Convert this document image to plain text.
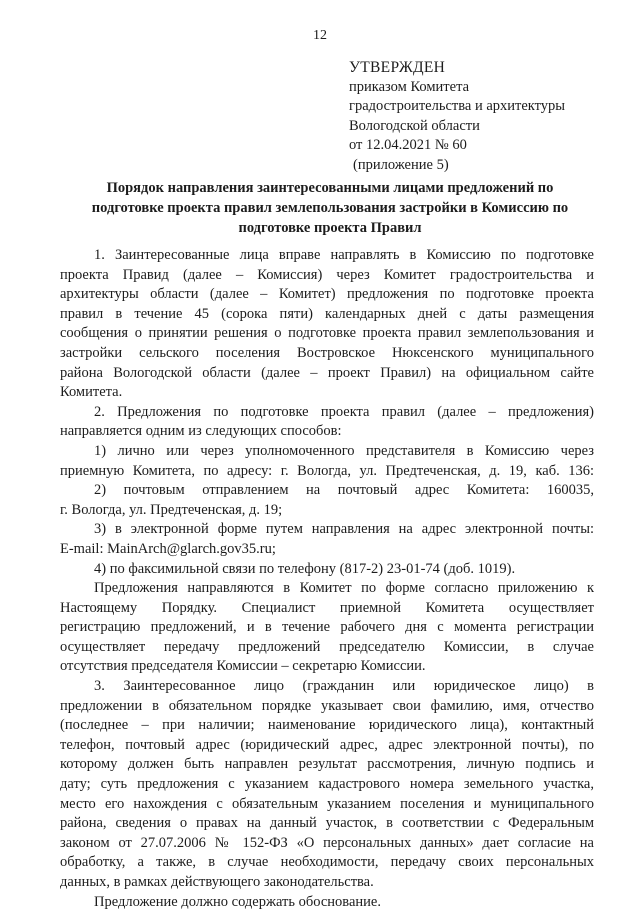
12
УТВЕРЖДЕН
приказом Комитета
градостроительства и архитектуры
Вологодской области
от 12.04.2021 № 60
(приложение 5)
Порядок направления заинтересованными лицами предложений по
подготовке проекта правил землепользования застройки в Комиссию по
подготовке проекта Правил
1. Заинтересованные лица вправе направлять в Комиссию по подготовке
проекта Правид (далее – Комиссия) через Комитет градостроительства и
архитектуры области (далее – Комитет) предложения по подготовке проекта
правил в течение 45 (сорока пяти) календарных дней с даты размещения
сообщения о принятии решения о подготовке проекта правил землепользования и
застройки сельского поселения Востровское Нюксенского муниципального
района Вологодской области (далее – проект Правил) на официальном сайте
Комитета.
2. Предложения по подготовке проекта правил (далее – предложения)
направляется одним из следующих способов:
1) лично или через уполномоченного представителя в Комиссию через
приемную Комитета, по адресу: г. Вологда, ул. Предтеченская, д. 19, каб. 136:
2) почтовым отправлением на почтовый адрес Комитета: 160035,
г. Вологда, ул. Предтеченская, д. 19;
3) в электронной форме путем направления на адрес электронной почты:
E-mail: MainArch@glarch.gov35.ru;
4) по факсимильной связи по телефону (817-2) 23-01-74 (доб. 1019).
Предложения направляются в Комитет по форме согласно приложению к
Настоящему Порядку. Специалист приемной Комитета осуществляет
регистрацию предложений, и в течение рабочего дня с момента регистрации
осуществляет передачу предложений председателю Комиссии, в случае
отсутствия председателя Комиссии – секретарю Комиссии.
3. Заинтересованное лицо (гражданин или юридическое лицо) в
предложении в обязательном порядке указывает свои фамилию, имя, отчество
(последнее – при наличии; наименование юридического лица), контактный
телефон, почтовый адрес (юридический адрес, адрес электронной почты), по
которому должен быть направлен результат рассмотрения, личную подпись и
дату; суть предложения с указанием кадастрового номера земельного участка,
место его нахождения с обязательным указанием поселения и муниципального
района, сведения о правах на данный участок, в соответствии с Федеральным
законом от 27.07.2006 № 152-ФЗ «О персональных данных» дает согласие на
обработку, а также, в случае необходимости, передачу своих персональных
данных, в рамках действующего законодательства.
Предложение должно содержать обоснование.
